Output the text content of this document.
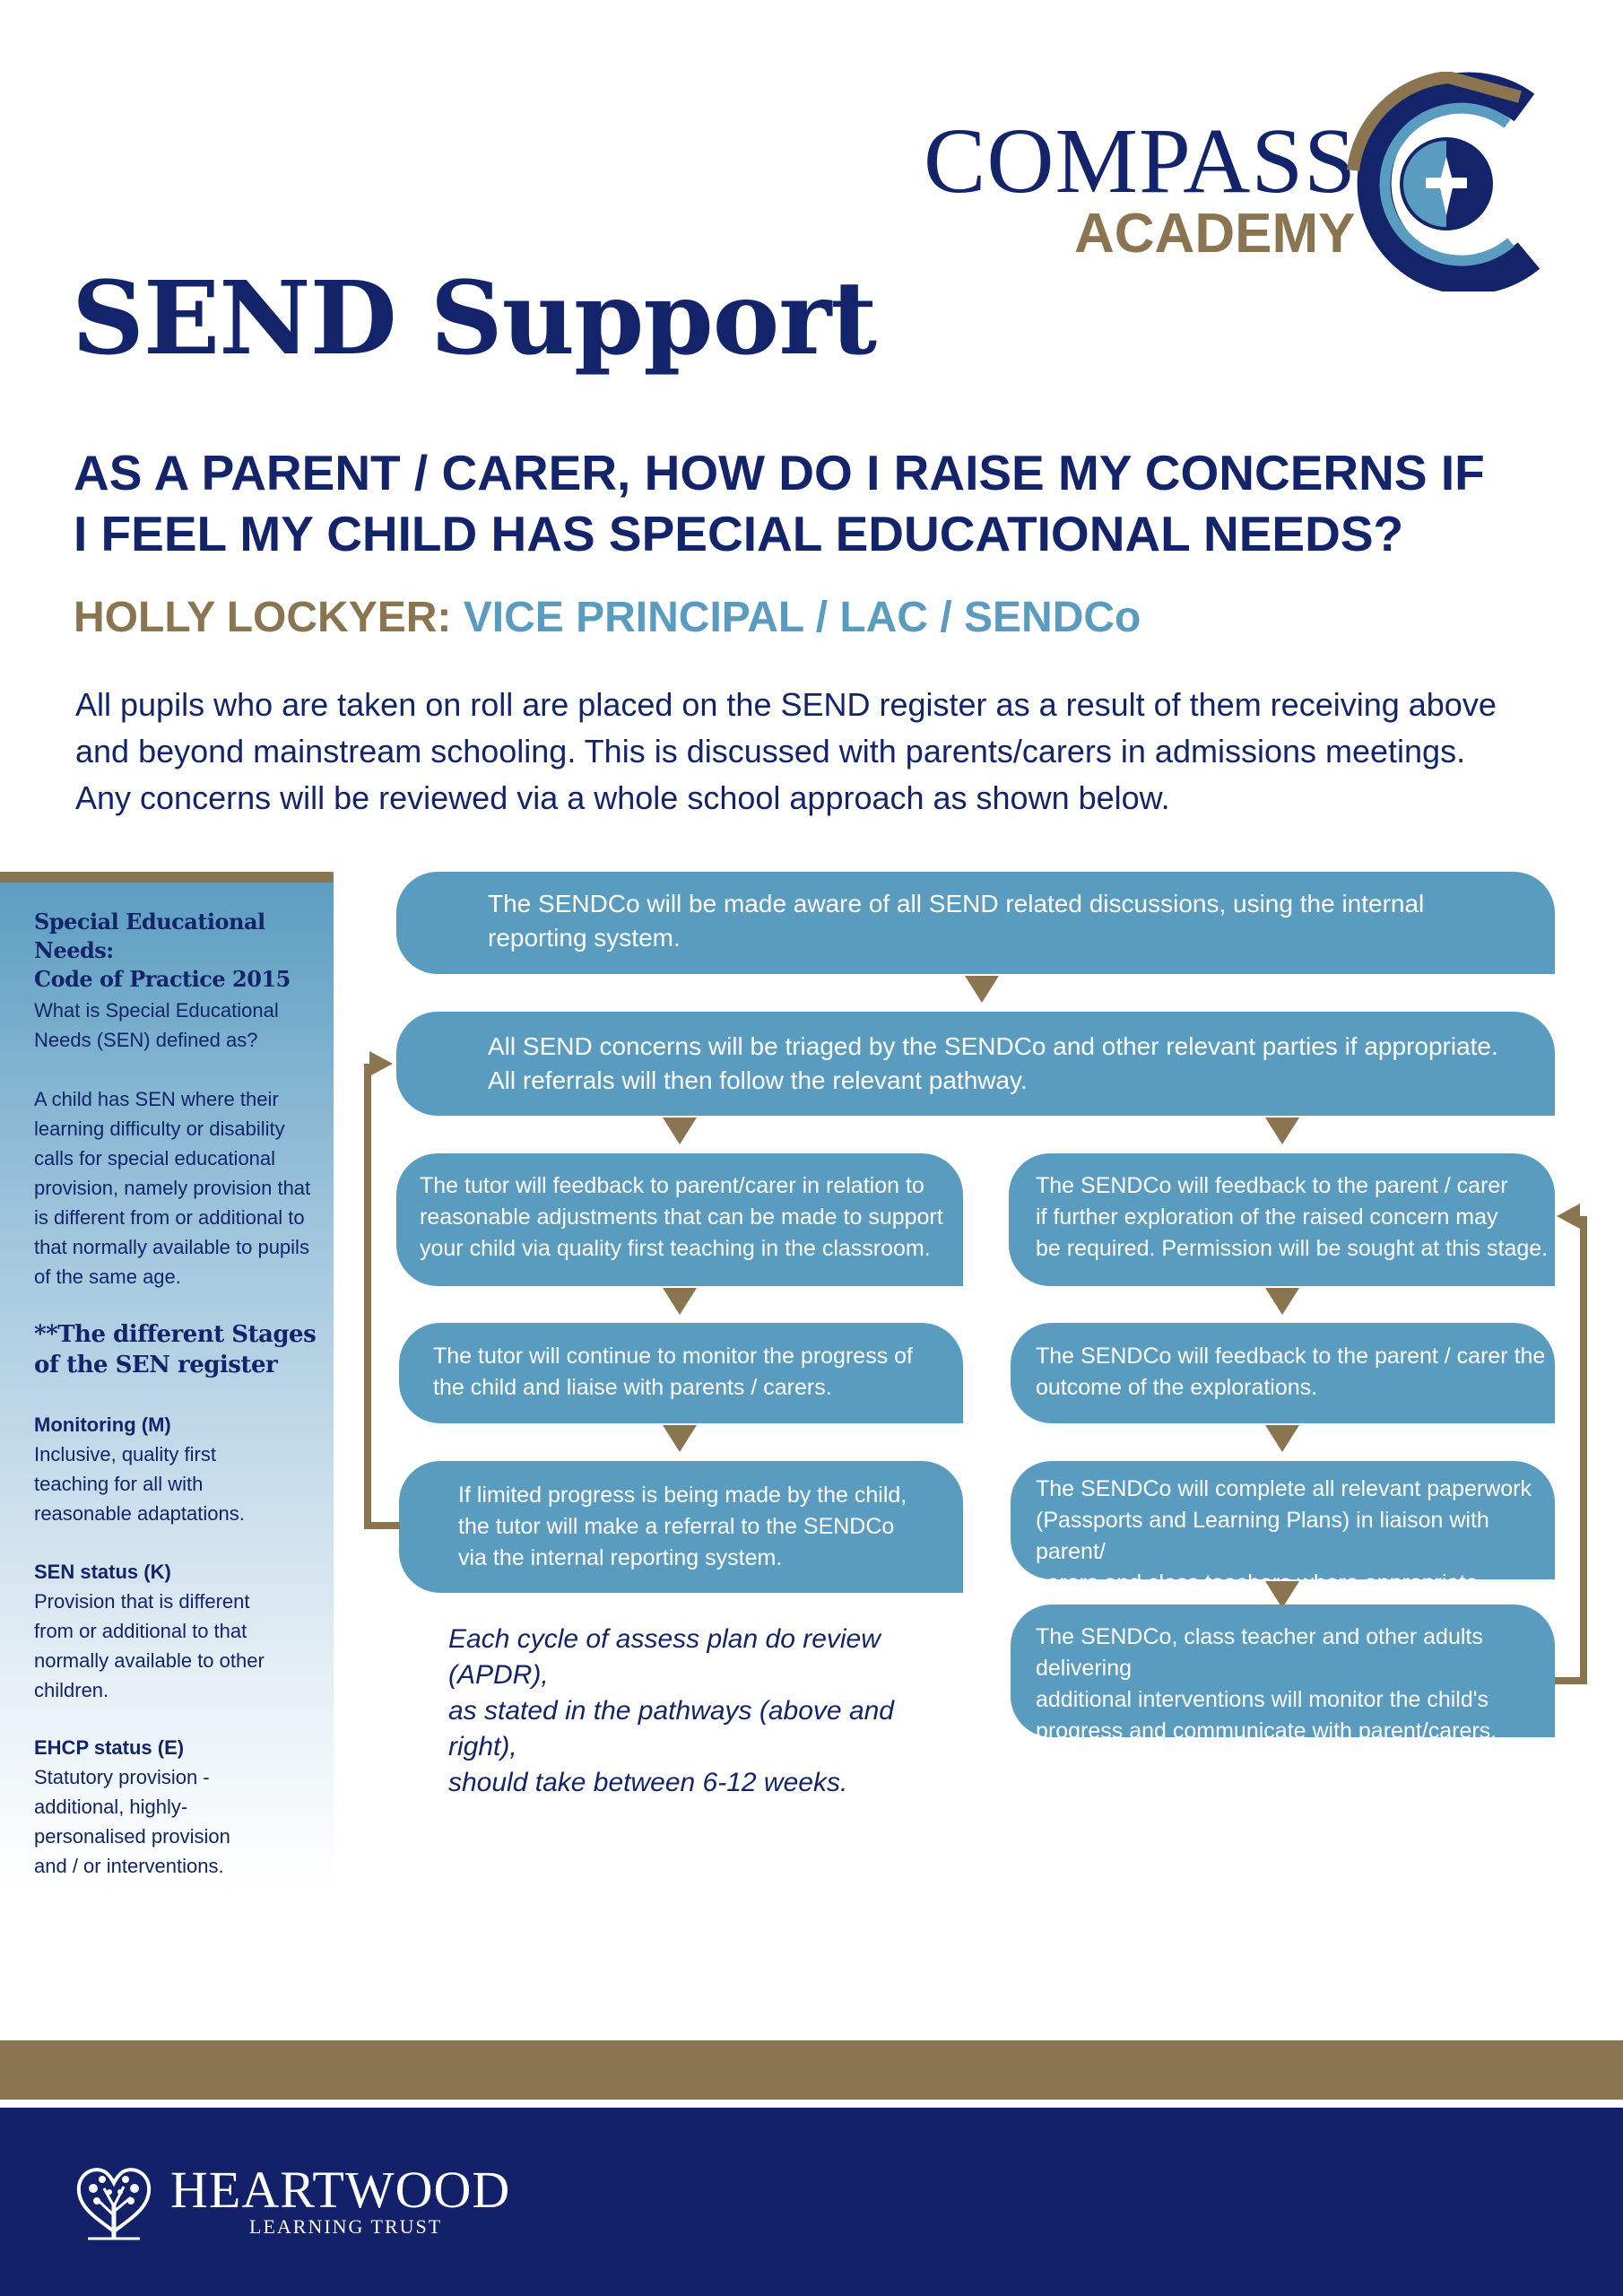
COMPASS
ACADEMY
SEND Support
AS A PARENT / CARER, HOW DO I RAISE MY CONCERNS IF
I FEEL MY CHILD HAS SPECIAL EDUCATIONAL NEEDS?
HOLLY LOCKYER: VICE PRINCIPAL / LAC / SENDCo
All pupils who are taken on roll are placed on the SEND register as a result of them receiving above
and beyond mainstream schooling. This is discussed with parents/carers in admissions meetings.
Any concerns will be reviewed via a whole school approach as shown below.
Special Educational Needs:
Code of Practice 2015
What is Special Educational
Needs (SEN) defined as?
A child has SEN where their
learning difficulty or disability
calls for special educational
provision, namely provision that
is different from or additional to
that normally available to pupils
of the same age.
**The different Stages
of the SEN register
Monitoring (M)
Inclusive, quality first
teaching for all with
reasonable adaptations.
SEN status (K)
Provision that is different
from or additional to that
normally available to other
children.
EHCP status (E)
Statutory provision -
additional, highly-
personalised provision
and / or interventions.
The SENDCo will be made aware of all SEND related discussions, using the internal
reporting system.
All SEND concerns will be triaged by the SENDCo and other relevant parties if appropriate.
All referrals will then follow the relevant pathway.
The tutor will feedback to parent/carer in relation to
reasonable adjustments that can be made to support
your child via quality first teaching in the classroom.
The tutor will continue to monitor the progress of
the child and liaise with parents / carers.
If limited progress is being made by the child,
the tutor will make a referral to the SENDCo
via the internal reporting system.
The SENDCo will feedback to the parent / carer
if further exploration of the raised concern may
be required. Permission will be sought at this stage.
The SENDCo will feedback to the parent / carer the
outcome of the explorations.
The SENDCo will complete all relevant paperwork
(Passports and Learning Plans) in liaison with parent/
carers and class teachers where appropriate.
The SENDCo, class teacher and other adults delivering
additional interventions will monitor the child's
progress and communicate with parent/carers.
Each cycle of assess plan do review (APDR),
as stated in the pathways (above and right),
should take between 6-12 weeks.
HEARTWOOD
LEARNING TRUST
